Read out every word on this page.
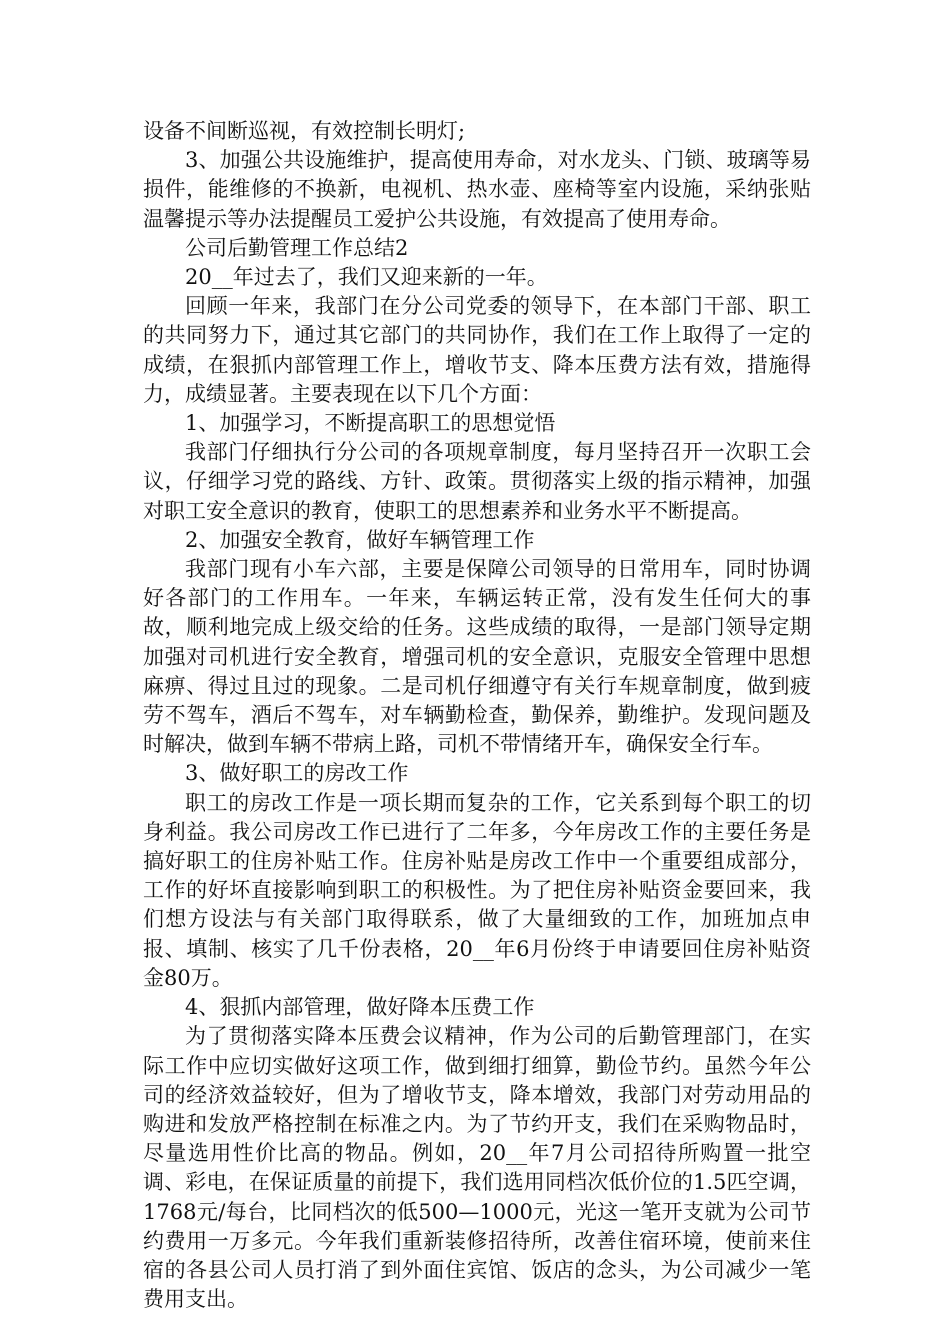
设备不间断巡视，有效控制长明灯;

3、加强公共设施维护，提高使用寿命，对水龙头、门锁、玻璃等易损件，能维修的不换新，电视机、热水壶、座椅等室内设施，采纳张贴温馨提示等办法提醒员工爱护公共设施，有效提高了使用寿命。

公司后勤管理工作总结2

20__年过去了，我们又迎来新的一年。

回顾一年来，我部门在分公司党委的领导下，在本部门干部、职工的共同努力下，通过其它部门的共同协作，我们在工作上取得了一定的成绩，在狠抓内部管理工作上，增收节支、降本压费方法有效，措施得力，成绩显著。主要表现在以下几个方面：

1、加强学习，不断提高职工的思想觉悟

我部门仔细执行分公司的各项规章制度，每月坚持召开一次职工会议，仔细学习党的路线、方针、政策。贯彻落实上级的指示精神，加强对职工安全意识的教育，使职工的思想素养和业务水平不断提高。

2、加强安全教育，做好车辆管理工作

我部门现有小车六部，主要是保障公司领导的日常用车，同时协调好各部门的工作用车。一年来，车辆运转正常，没有发生任何大的事故，顺利地完成上级交给的任务。这些成绩的取得，一是部门领导定期加强对司机进行安全教育，增强司机的安全意识，克服安全管理中思想麻痹、得过且过的现象。二是司机仔细遵守有关行车规章制度，做到疲劳不驾车，酒后不驾车，对车辆勤检查，勤保养，勤维护。发现问题及时解决，做到车辆不带病上路，司机不带情绪开车，确保安全行车。

3、做好职工的房改工作

职工的房改工作是一项长期而复杂的工作，它关系到每个职工的切身利益。我公司房改工作已进行了二年多，今年房改工作的主要任务是搞好职工的住房补贴工作。住房补贴是房改工作中一个重要组成部分，工作的好坏直接影响到职工的积极性。为了把住房补贴资金要回来，我们想方设法与有关部门取得联系，做了大量细致的工作，加班加点申报、填制、核实了几千份表格，20__年6月份终于申请要回住房补贴资金80万。

4、狠抓内部管理，做好降本压费工作

为了贯彻落实降本压费会议精神，作为公司的后勤管理部门，在实际工作中应切实做好这项工作，做到细打细算，勤俭节约。虽然今年公司的经济效益较好，但为了增收节支，降本增效，我部门对劳动用品的购进和发放严格控制在标准之内。为了节约开支，我们在采购物品时，尽量选用性价比高的物品。例如，20__年7月公司招待所购置一批空调、彩电，在保证质量的前提下，我们选用同档次低价位的1.5匹空调，1768元/每台，比同档次的低500—1000元，光这一笔开支就为公司节约费用一万多元。今年我们重新装修招待所，改善住宿环境，使前来住宿的各县公司人员打消了到外面住宾馆、饭店的念头，为公司减少一笔费用支出。
